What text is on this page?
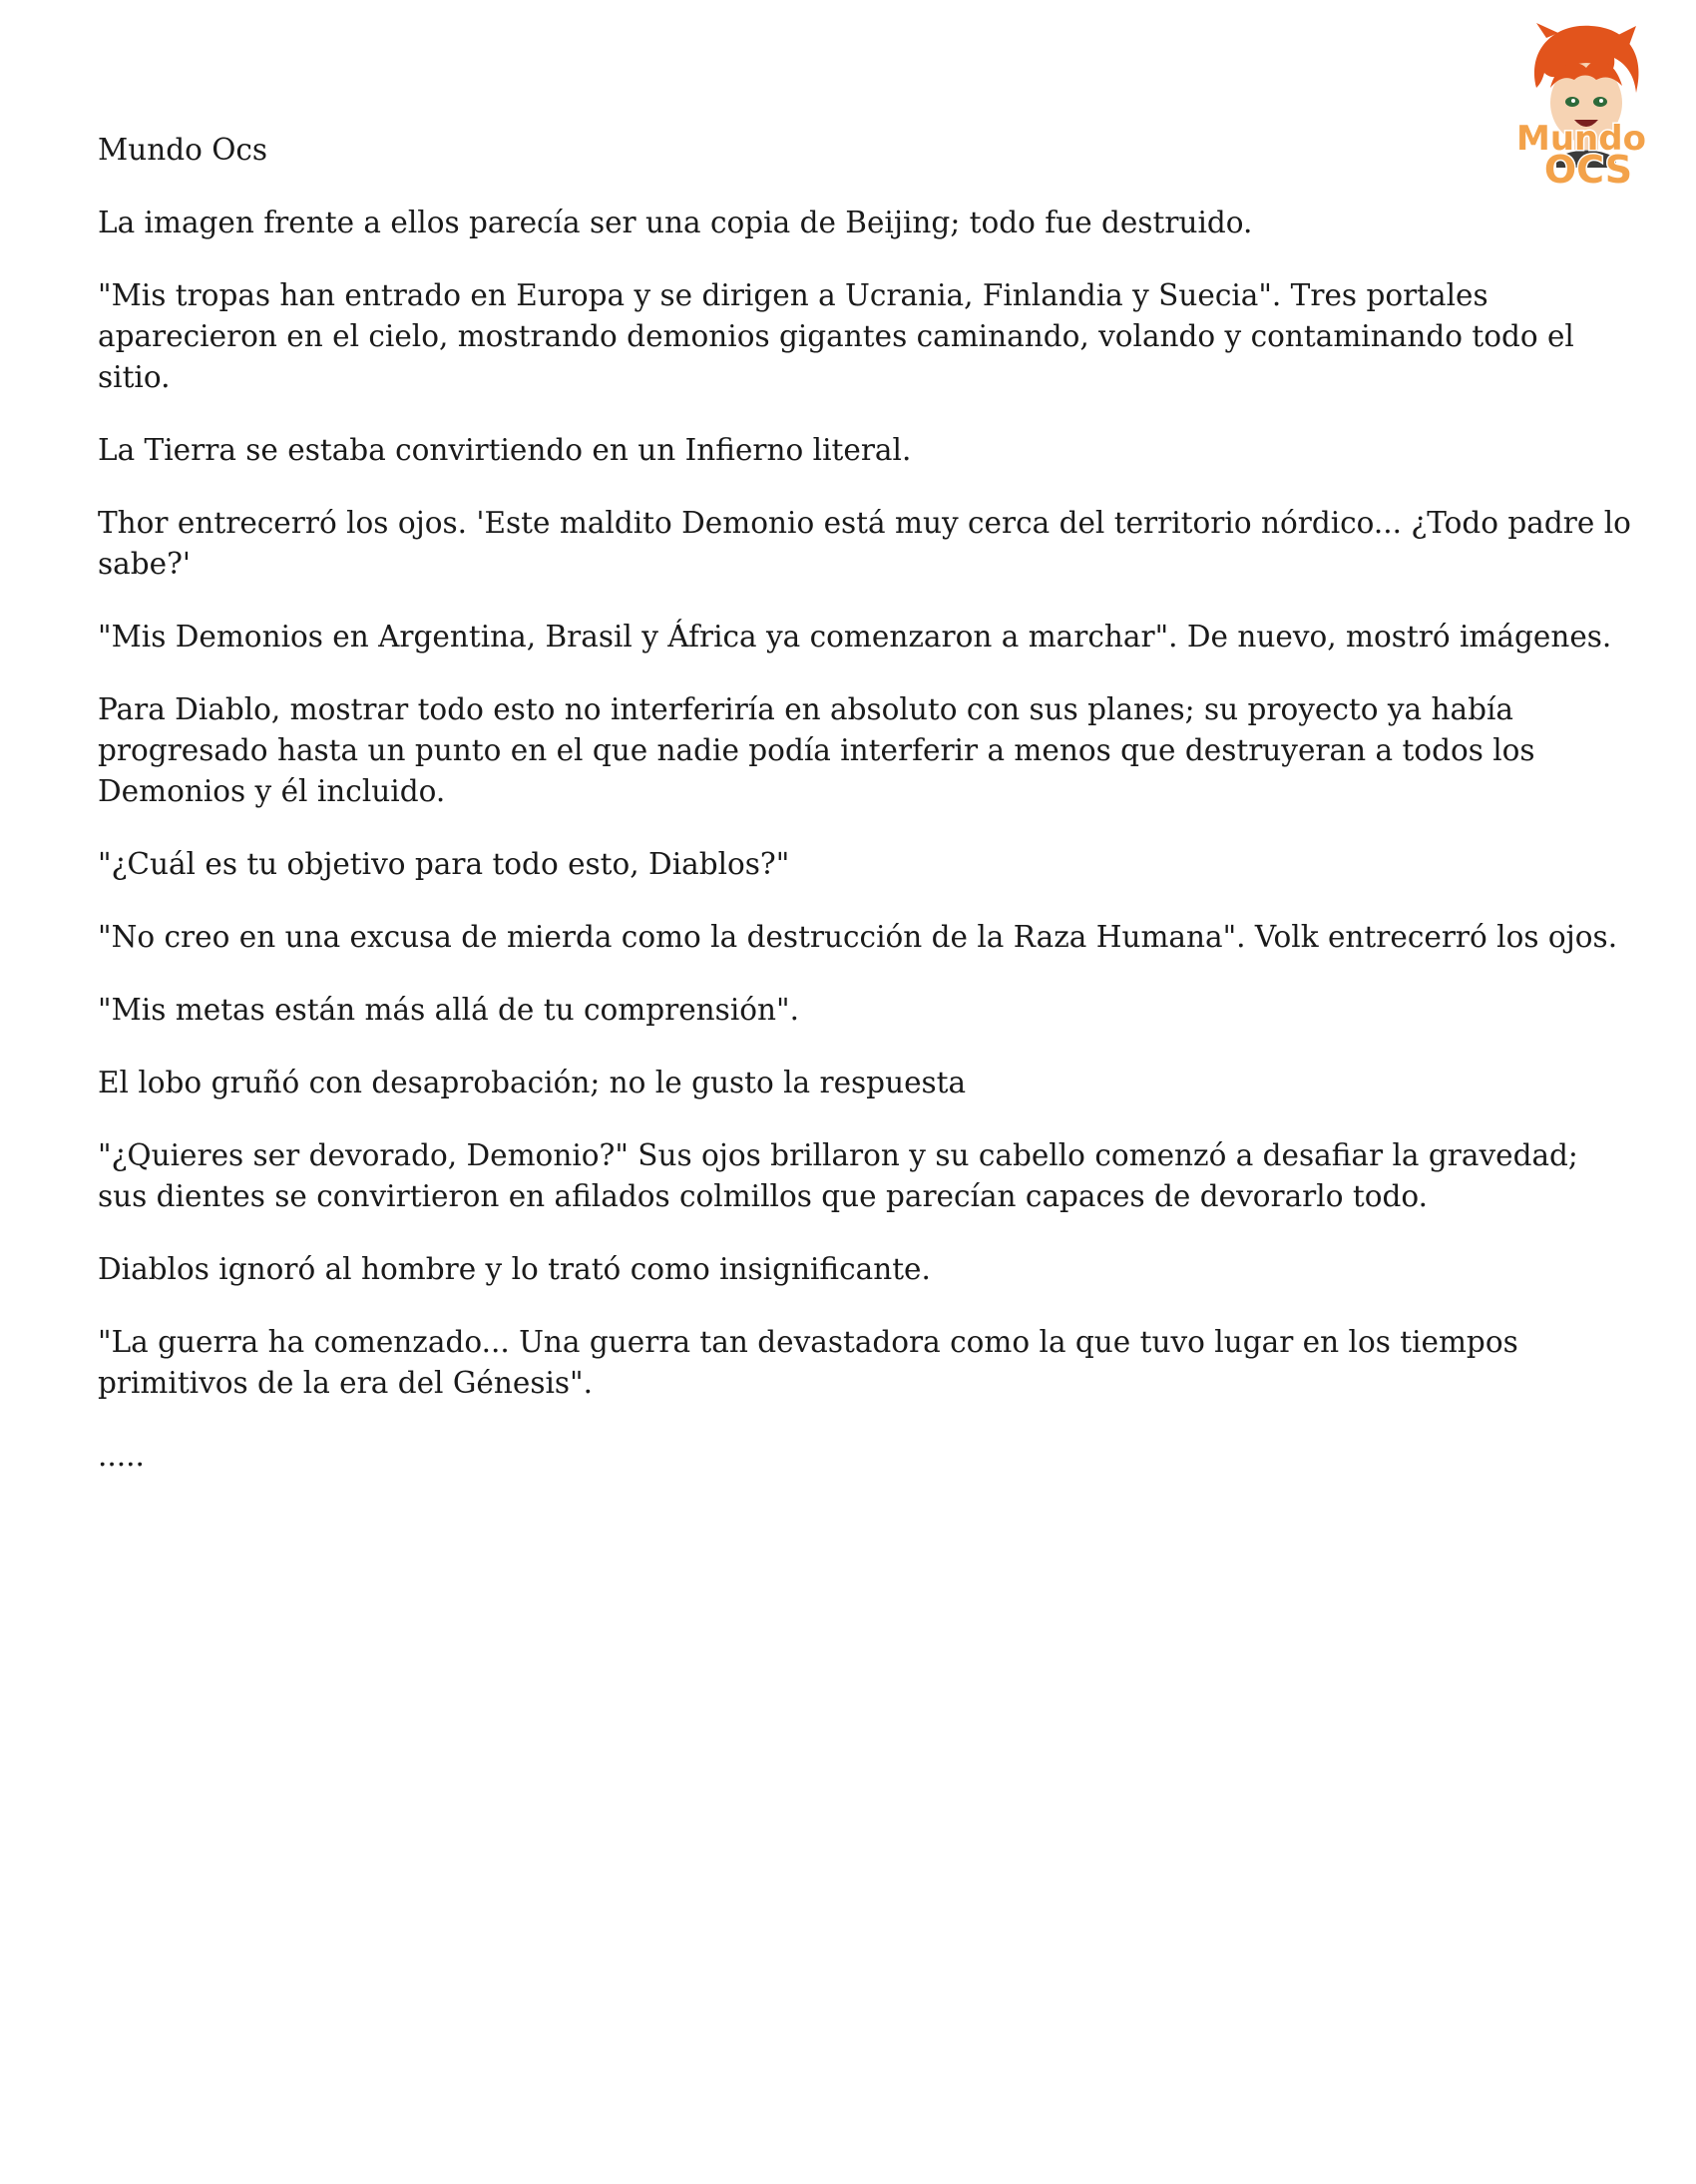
Mundo
OCS

Mundo Ocs

La imagen frente a ellos parecía ser una copia de Beijing; todo fue destruido.

"Mis tropas han entrado en Europa y se dirigen a Ucrania, Finlandia y Suecia". Tres portales aparecieron en el cielo, mostrando demonios gigantes caminando, volando y contaminando todo el sitio.

La Tierra se estaba convirtiendo en un Infierno literal.

Thor entrecerró los ojos. 'Este maldito Demonio está muy cerca del territorio nórdico... ¿Todo padre lo sabe?'

"Mis Demonios en Argentina, Brasil y África ya comenzaron a marchar". De nuevo, mostró imágenes.

Para Diablo, mostrar todo esto no interferiría en absoluto con sus planes; su proyecto ya había progresado hasta un punto en el que nadie podía interferir a menos que destruyeran a todos los Demonios y él incluido.

"¿Cuál es tu objetivo para todo esto, Diablos?"

"No creo en una excusa de mierda como la destrucción de la Raza Humana". Volk entrecerró los ojos.

"Mis metas están más allá de tu comprensión".

El lobo gruñó con desaprobación; no le gusto la respuesta

"¿Quieres ser devorado, Demonio?" Sus ojos brillaron y su cabello comenzó a desafiar la gravedad; sus dientes se convirtieron en afilados colmillos que parecían capaces de devorarlo todo.

Diablos ignoró al hombre y lo trató como insignificante.

"La guerra ha comenzado... Una guerra tan devastadora como la que tuvo lugar en los tiempos primitivos de la era del Génesis".

.....
